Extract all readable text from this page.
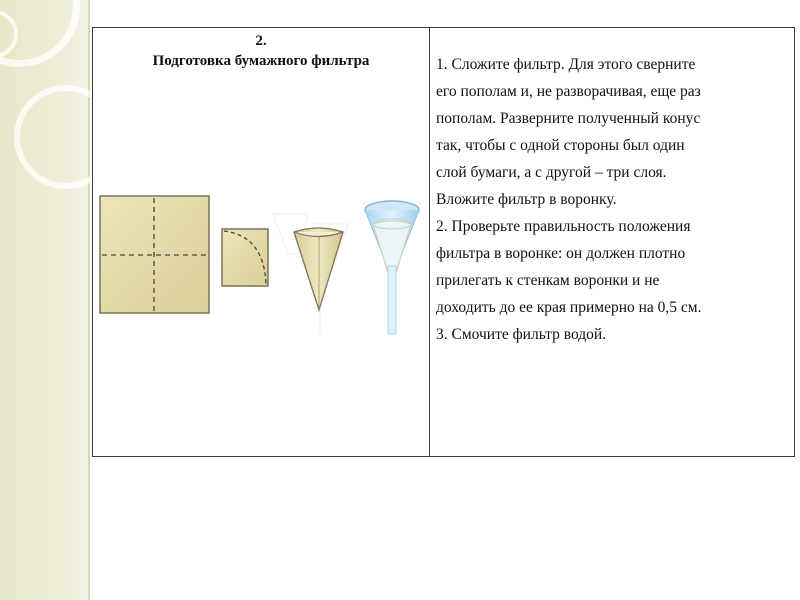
2.
Подготовка бумажного фильтра	1. Сложите фильтр. Для этого сверните
его пополам и, не разворачивая, еще раз
пополам. Разверните полученный конус
так, чтобы с одной стороны был один
слой бумаги, а с другой – три слоя.
Вложите фильтр в воронку.
2. Проверьте правильность положения
фильтра в воронке: он должен плотно
прилегать к стенкам воронки и не
доходить до ее края примерно на 0,5 см.
3. Смочите фильтр водой.
